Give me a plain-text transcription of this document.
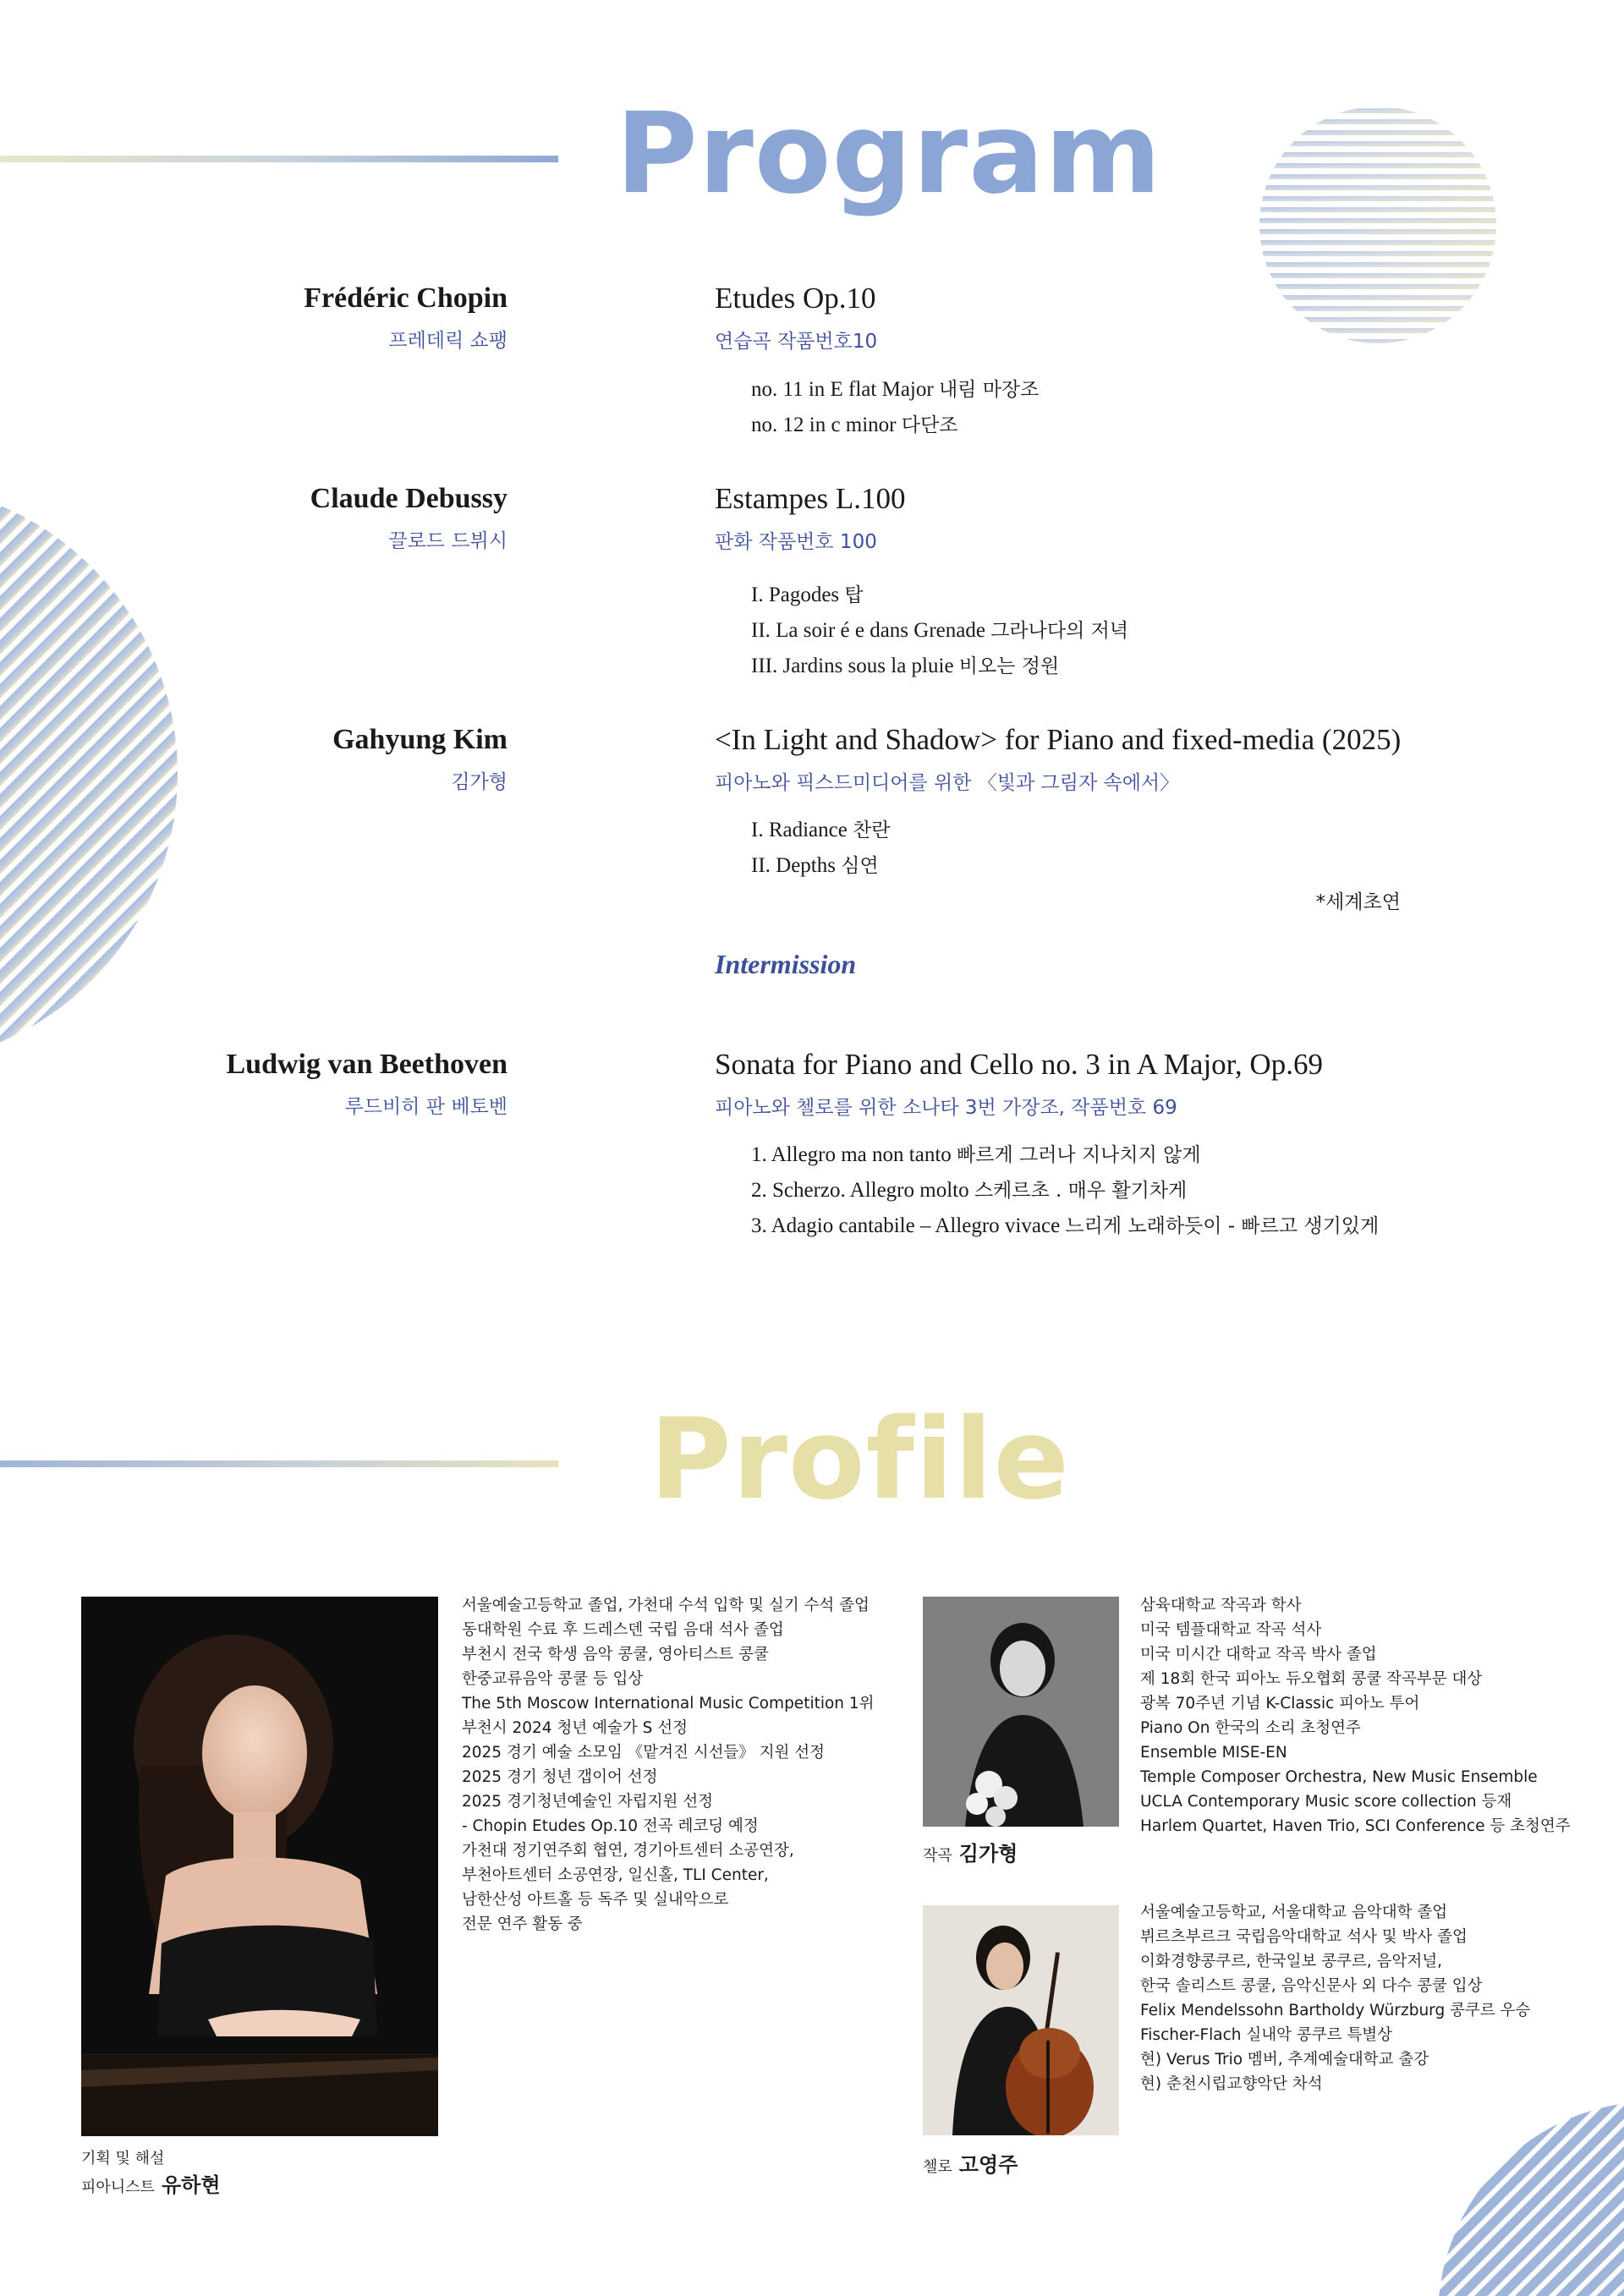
Program
Frédéric Chopin
프레데릭 쇼팽
Etudes Op.10
연습곡 작품번호10
no. 11 in E flat Major 내림 마장조
no. 12 in c minor 다단조
Claude Debussy
끌로드 드뷔시
Estampes L.100
판화 작품번호 100
I. Pagodes 탑
II. La soir é e dans Grenade 그라나다의 저녁
III. Jardins sous la pluie 비오는 정원
Gahyung Kim
김가형
<In Light and Shadow> for Piano and fixed-media (2025)
피아노와 픽스드미디어를 위한 〈빛과 그림자 속에서〉
I. Radiance 찬란
II. Depths 심연
*세계초연
Intermission
Ludwig van Beethoven
루드비히 판 베토벤
Sonata for Piano and Cello no. 3 in A Major, Op.69
피아노와 첼로를 위한 소나타 3번 가장조, 작품번호 69
1. Allegro ma non tanto 빠르게 그러나 지나치지 않게
2. Scherzo. Allegro molto 스케르초 . 매우 활기차게
3. Adagio cantabile – Allegro vivace 느리게 노래하듯이 - 빠르고 생기있게
Profile
서울예술고등학교 졸업, 가천대 수석 입학 및 실기 수석 졸업
동대학원 수료 후 드레스덴 국립 음대 석사 졸업
부천시 전국 학생 음악 콩쿨, 영아티스트 콩쿨
한중교류음악 콩쿨 등 입상
The 5th Moscow International Music Competition 1위
부천시 2024 청년 예술가 S 선정
2025 경기 예술 소모임 《맡겨진 시선들》 지원 선정
2025 경기 청년 갭이어 선정
2025 경기청년예술인 자립지원 선정
- Chopin Etudes Op.10 전곡 레코딩 예정
가천대 정기연주회 협연, 경기아트센터 소공연장,
부천아트센터 소공연장, 일신홀, TLI Center,
남한산성 아트홀 등 독주 및 실내악으로
전문 연주 활동 중
기획 및 해설
피아니스트 유하현
삼육대학교 작곡과 학사
미국 템플대학교 작곡 석사
미국 미시간 대학교 작곡 박사 졸업
제 18회 한국 피아노 듀오협회 콩쿨 작곡부문 대상
광복 70주년 기념 K-Classic 피아노 투어
Piano On 한국의 소리 초청연주
Ensemble MISE-EN
Temple Composer Orchestra, New Music Ensemble
UCLA Contemporary Music score collection 등재
Harlem Quartet, Haven Trio, SCI Conference 등 초청연주
작곡 김가형
서울예술고등학교, 서울대학교 음악대학 졸업
뷔르츠부르크 국립음악대학교 석사 및 박사 졸업
이화경향콩쿠르, 한국일보 콩쿠르, 음악저널,
한국 솔리스트 콩쿨, 음악신문사 외 다수 콩쿨 입상
Felix Mendelssohn Bartholdy Würzburg 콩쿠르 우승
Fischer-Flach 실내악 콩쿠르 특별상
현) Verus Trio 멤버, 추계예술대학교 출강
현) 춘천시립교향악단 차석
첼로 고영주
